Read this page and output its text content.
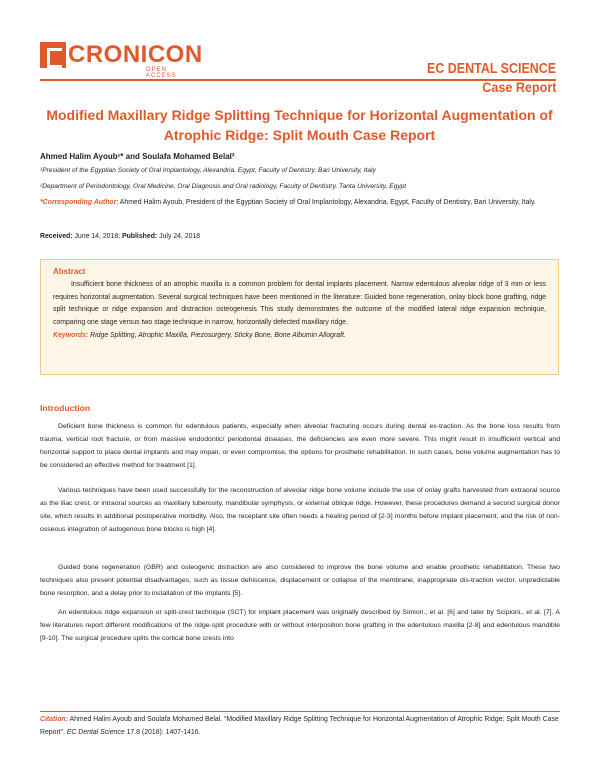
CRONICON
OPEN ACCESS	EC DENTAL SCIENCE
Case Report
Modified Maxillary Ridge Splitting Technique for Horizontal Augmentation of Atrophic Ridge: Split Mouth Case Report
Ahmed Halim Ayoub¹* and Soulafa Mohamed Belal²
¹President of the Egyptian Society of Oral Implantology, Alexandria, Egypt, Faculty of Dentistry, Bari University, Italy
²Department of Periodontology, Oral Medicine, Oral Diagnosis and Oral radiology, Faculty of Dentistry, Tanta University, Egypt
*Corresponding Author: Ahmed Halim Ayoub, President of the Egyptian Society of Oral Implantology, Alexandria, Egypt, Faculty of Dentistry, Bari University, Italy.
Received: June 14, 2018; Published: July 24, 2018
Abstract
Insufficient bone thickness of an atrophic maxilla is a common problem for dental implants placement. Narrow edentulous alveolar ridge of 3 mm or less requires horizontal augmentation. Several surgical techniques have been mentioned in the literature: Guided bone regeneration, onlay block bone grafting, ridge split technique or ridge expansion and distraction osteogenesis This study demonstrates the outcome of the modified lateral ridge expansion technique, comparing one stage versus two stage technique in narrow, horizontally defected maxillary ridge.
Keywords: Ridge Splitting, Atrophic Maxilla, Piezosurgery, Sticky Bone, Bone Albumin Allograft.
Introduction
Deficient bone thickness is common for edentulous patients, especially when alveolar fracturing occurs during dental ex-traction. As the bone loss results from trauma, vertical root fracture, or from massive endodontic/ periodontal diseases, the deficiencies are even more severe. This might result in insufficient vertical and horizontal support to place dental implants and may impair, or even compromise, the options for prosthetic rehabilitation. In such cases, bone volume augmentation has to be considered an effective method for treatment [1].
Various techniques have been used successfully for the reconstruction of alveolar ridge bone volume include the use of onlay grafts harvested from extraoral source as the iliac crest, or intraoral sources as maxillary tuberosity, mandibular symphysis, or external oblique ridge. However, these procedures demand a second surgical donor site, which results in additional postoperative morbidity. Also, the receptant site often needs a healing period of [2-3] months before implant placement, and the risk of non-osseous integration of autogenous bone blocks is high [4].
Guided bone regeneration (GBR) and osteogenic distraction are also considered to improve the bone volume and enable prosthetic rehabilitation. These two techniques also present potential disadvantages, such as tissue dehiscence, displacement or collapse of the membrane, inappropriate dis-traction vector, unpredictable bone resorption, and a delay prior to installation of the implants [5].
An edentulous ridge expansion or split-crest technique (SCT) for implant placement was originally described by Simion., et al. [6] and later by Scipioni., et al. [7]. A few literatures report different modifications of the ridge-split procedure with or without interposition bone grafting in the edentulous maxilla [2-8] and edentulous mandible [9-10]. The surgical procedure splits the cortical bone crests into
Citation: Ahmed Halim Ayoub and Soulafa Mohamed Belal. “Modified Maxillary Ridge Splitting Technique for Horizontal Augmentation of Atrophic Ridge: Split Mouth Case Report”. EC Dental Science 17.8 (2018): 1407-1416.
